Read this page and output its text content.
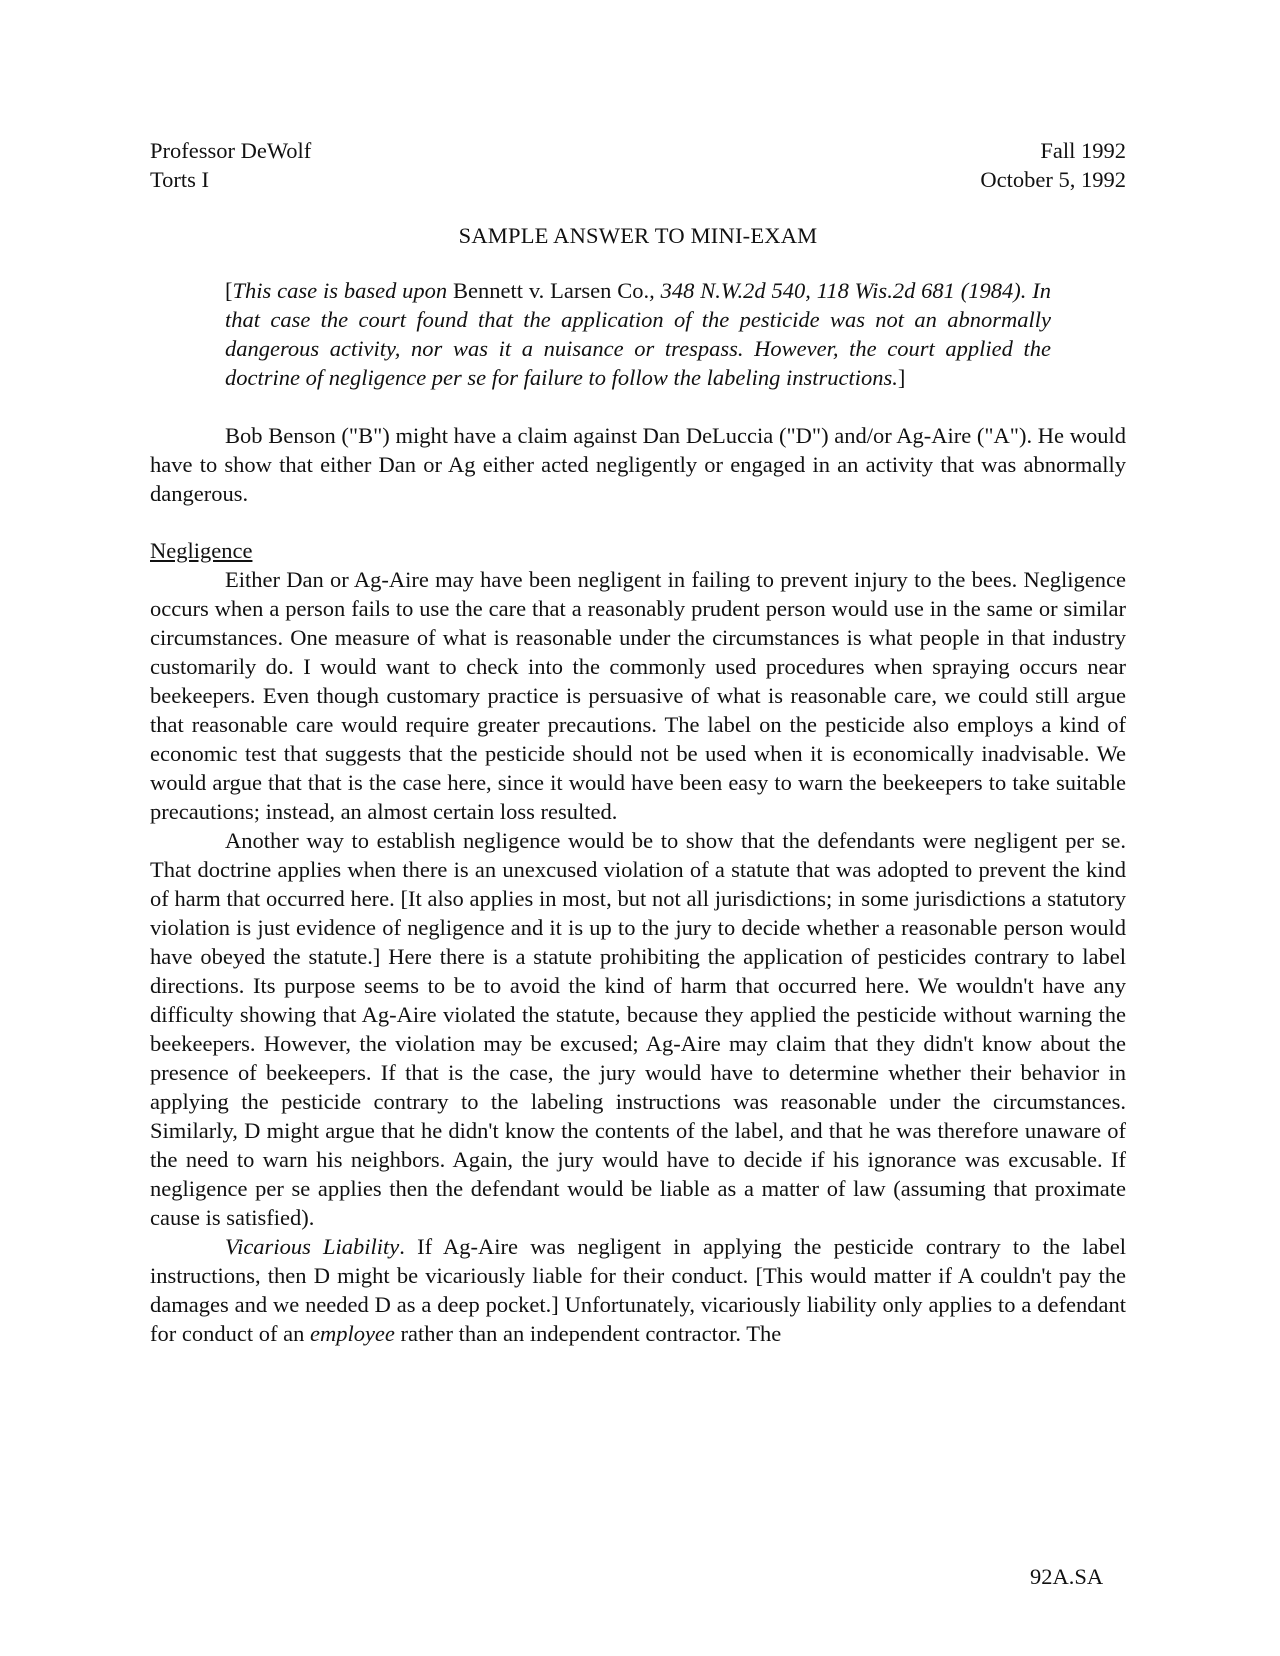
Professor DeWolf	Fall 1992
Torts I	October 5, 1992
SAMPLE ANSWER TO MINI-EXAM

[This case is based upon Bennett v. Larsen Co., 348 N.W.2d 540, 118 Wis.2d 681 (1984). In that case the court found that the application of the pesticide was not an abnormally dangerous activity, nor was it a nuisance or trespass. However, the court applied the doctrine of negligence per se for failure to follow the labeling instructions.]

Bob Benson ("B") might have a claim against Dan DeLuccia ("D") and/or Ag-Aire ("A"). He would have to show that either Dan or Ag either acted negligently or engaged in an activity that was abnormally dangerous.

Negligence

Either Dan or Ag-Aire may have been negligent in failing to prevent injury to the bees. Negligence occurs when a person fails to use the care that a reasonably prudent person would use in the same or similar circumstances. One measure of what is reasonable under the circumstances is what people in that industry customarily do. I would want to check into the commonly used procedures when spraying occurs near beekeepers. Even though customary practice is persuasive of what is reasonable care, we could still argue that reasonable care would require greater precautions. The label on the pesticide also employs a kind of economic test that suggests that the pesticide should not be used when it is economically inadvisable. We would argue that that is the case here, since it would have been easy to warn the beekeepers to take suitable precautions; instead, an almost certain loss resulted.

Another way to establish negligence would be to show that the defendants were negligent per se. That doctrine applies when there is an unexcused violation of a statute that was adopted to prevent the kind of harm that occurred here. [It also applies in most, but not all jurisdictions; in some jurisdictions a statutory violation is just evidence of negligence and it is up to the jury to decide whether a reasonable person would have obeyed the statute.] Here there is a statute prohibiting the application of pesticides contrary to label directions. Its purpose seems to be to avoid the kind of harm that occurred here. We wouldn't have any difficulty showing that Ag-Aire violated the statute, because they applied the pesticide without warning the beekeepers. However, the violation may be excused; Ag-Aire may claim that they didn't know about the presence of beekeepers. If that is the case, the jury would have to determine whether their behavior in applying the pesticide contrary to the labeling instructions was reasonable under the circumstances. Similarly, D might argue that he didn't know the contents of the label, and that he was therefore unaware of the need to warn his neighbors. Again, the jury would have to decide if his ignorance was excusable. If negligence per se applies then the defendant would be liable as a matter of law (assuming that proximate cause is satisfied).

Vicarious Liability. If Ag-Aire was negligent in applying the pesticide contrary to the label instructions, then D might be vicariously liable for their conduct. [This would matter if A couldn't pay the damages and we needed D as a deep pocket.] Unfortunately, vicariously liability only applies to a defendant for conduct of an employee rather than an independent contractor. The

92A.SA
